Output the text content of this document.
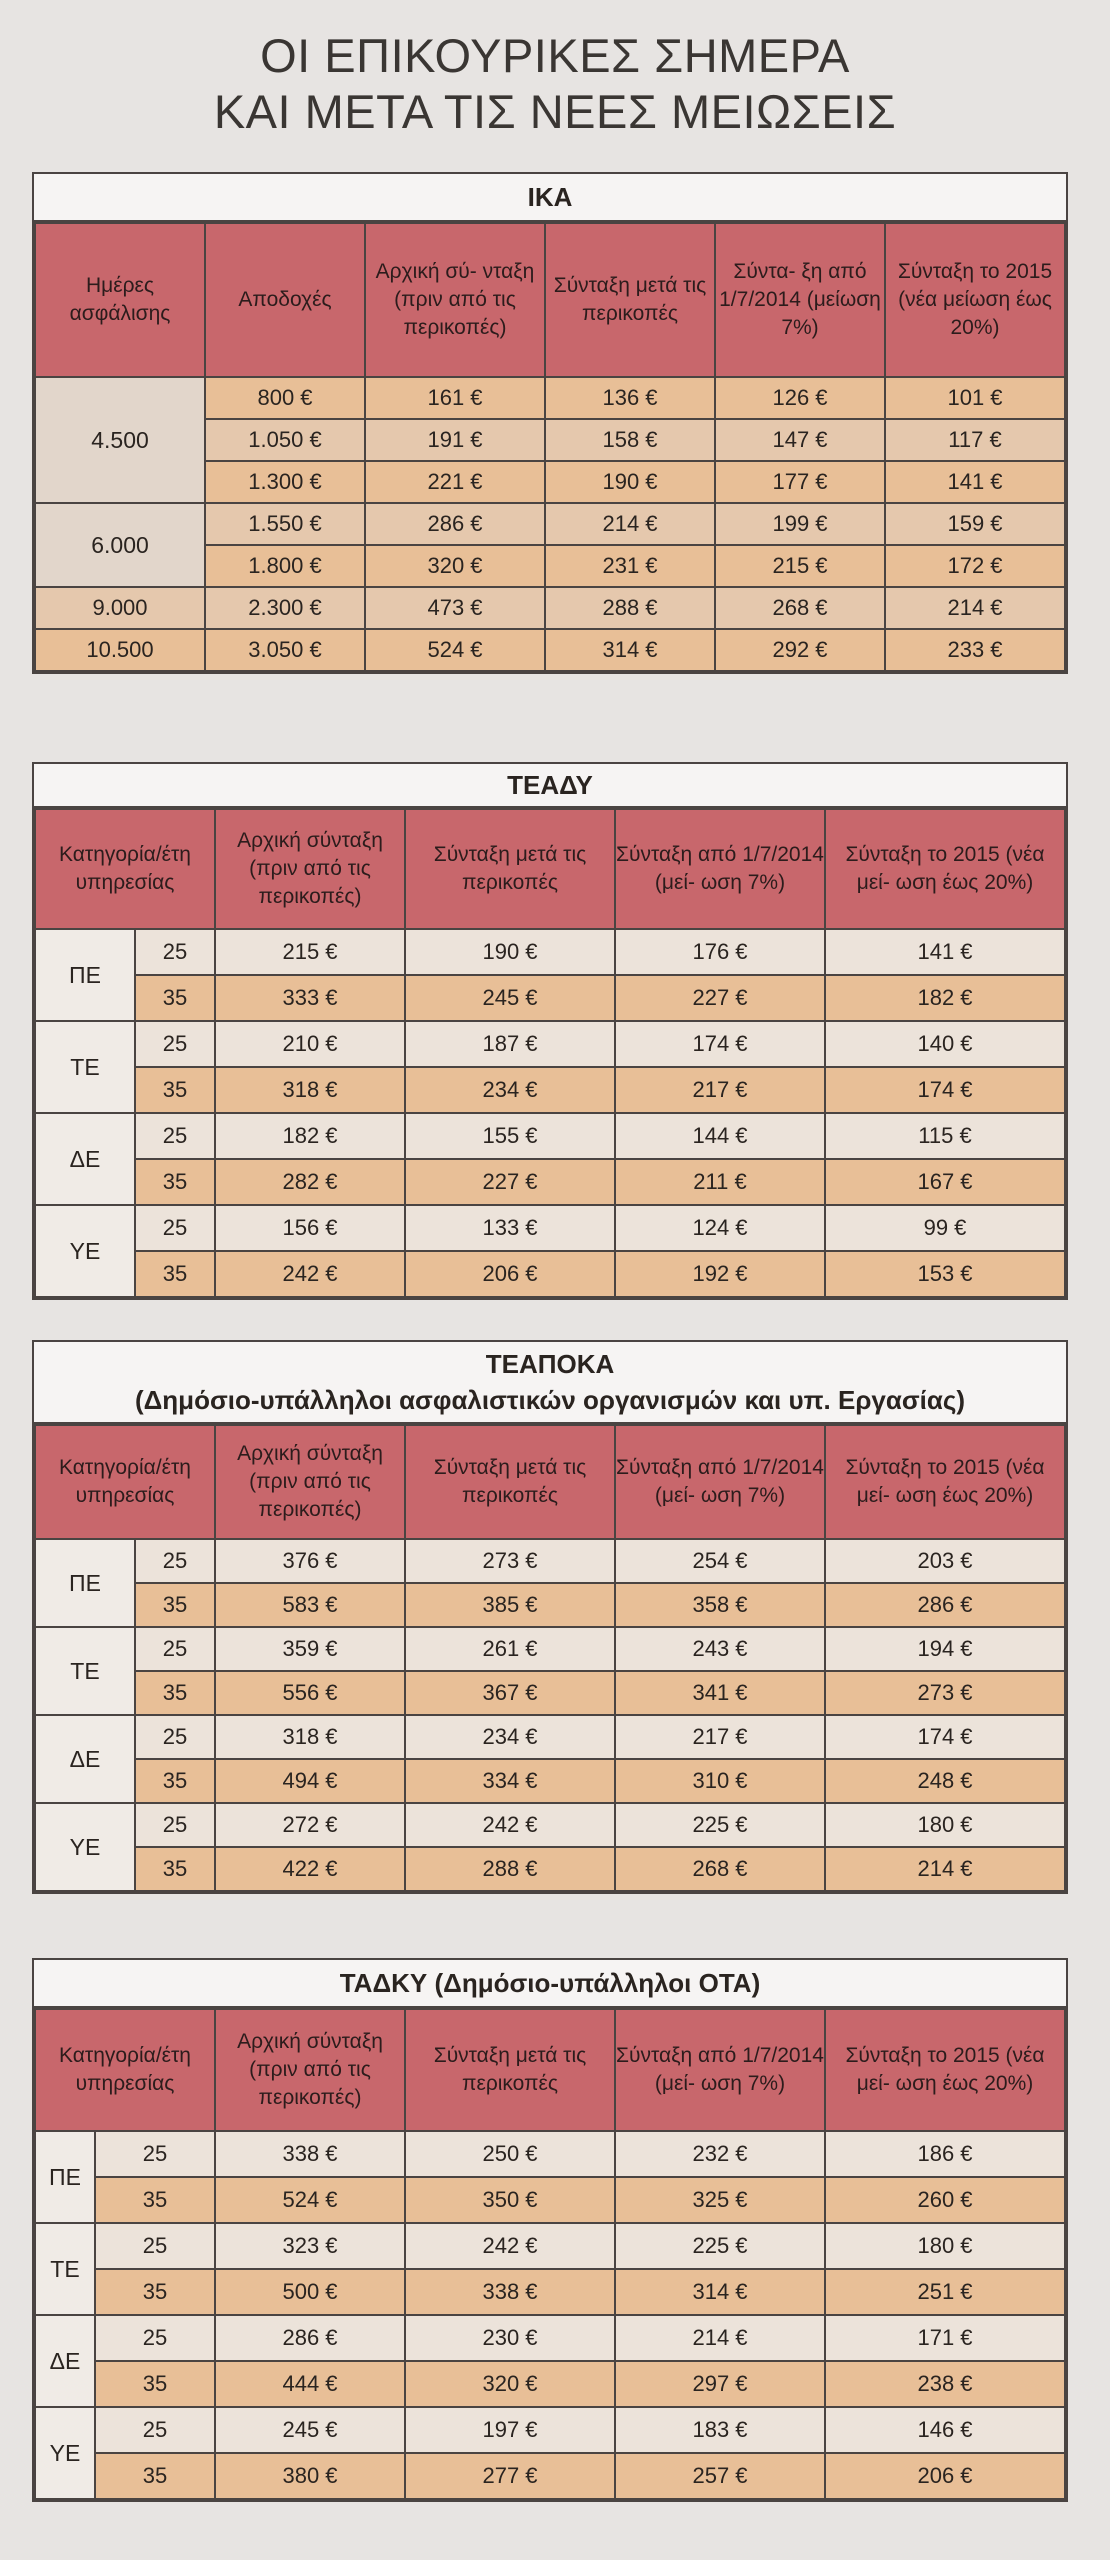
ΟΙ ΕΠΙΚΟΥΡΙΚΕΣ ΣΗΜΕΡΑ
ΚΑΙ ΜΕΤΑ ΤΙΣ ΝΕΕΣ ΜΕΙΩΣΕΙΣ
ΙΚΑ
Ημέρες ασφάλισης	Αποδοχές	Αρχική σύ- νταξη (πριν από τις περικοπές)	Σύνταξη μετά τις περικοπές	Σύντα- ξη από 1/7/2014 (μείωση 7%)	Σύνταξη το 2015 (νέα μείωση έως 20%)
4.500	800 €	161 €	136 €	126 €	101 €
	1.050 €	191 €	158 €	147 €	117 €
	1.300 €	221 €	190 €	177 €	141 €
6.000	1.550 €	286 €	214 €	199 €	159 €
	1.800 €	320 €	231 €	215 €	172 €
9.000	2.300 €	473 €	288 €	268 €	214 €
10.500	3.050 €	524 €	314 €	292 €	233 €
ΤΕΑΔΥ
Κατηγορία/έτη υπηρεσίας		Αρχική σύνταξη (πριν από τις περικοπές)	Σύνταξη μετά τις περικοπές	Σύνταξη από 1/7/2014 (μεί- ωση 7%)	Σύνταξη το 2015 (νέα μεί- ωση έως 20%)
ΠΕ	25	215 €	190 €	176 €	141 €
	35	333 €	245 €	227 €	182 €
ΤΕ	25	210 €	187 €	174 €	140 €
	35	318 €	234 €	217 €	174 €
ΔΕ	25	182 €	155 €	144 €	115 €
	35	282 €	227 €	211 €	167 €
ΥΕ	25	156 €	133 €	124 €	99 €
	35	242 €	206 €	192 €	153 €
ΤΕΑΠΟΚΑ
(Δημόσιο-υπάλληλοι ασφαλιστικών οργανισμών και υπ. Εργασίας)
Κατηγορία/έτη υπηρεσίας		Αρχική σύνταξη (πριν από τις περικοπές)	Σύνταξη μετά τις περικοπές	Σύνταξη από 1/7/2014 (μεί- ωση 7%)	Σύνταξη το 2015 (νέα μεί- ωση έως 20%)
ΠΕ	25	376 €	273 €	254 €	203 €
	35	583 €	385 €	358 €	286 €
ΤΕ	25	359 €	261 €	243 €	194 €
	35	556 €	367 €	341 €	273 €
ΔΕ	25	318 €	234 €	217 €	174 €
	35	494 €	334 €	310 €	248 €
ΥΕ	25	272 €	242 €	225 €	180 €
	35	422 €	288 €	268 €	214 €
ΤΑΔΚΥ (Δημόσιο-υπάλληλοι ΟΤΑ)
Κατηγορία/έτη υπηρεσίας		Αρχική σύνταξη (πριν από τις περικοπές)	Σύνταξη μετά τις περικοπές	Σύνταξη από 1/7/2014 (μεί- ωση 7%)	Σύνταξη το 2015 (νέα μεί- ωση έως 20%)
ΠΕ	25	338 €	250 €	232 €	186 €
	35	524 €	350 €	325 €	260 €
ΤΕ	25	323 €	242 €	225 €	180 €
	35	500 €	338 €	314 €	251 €
ΔΕ	25	286 €	230 €	214 €	171 €
	35	444 €	320 €	297 €	238 €
ΥΕ	25	245 €	197 €	183 €	146 €
	35	380 €	277 €	257 €	206 €
